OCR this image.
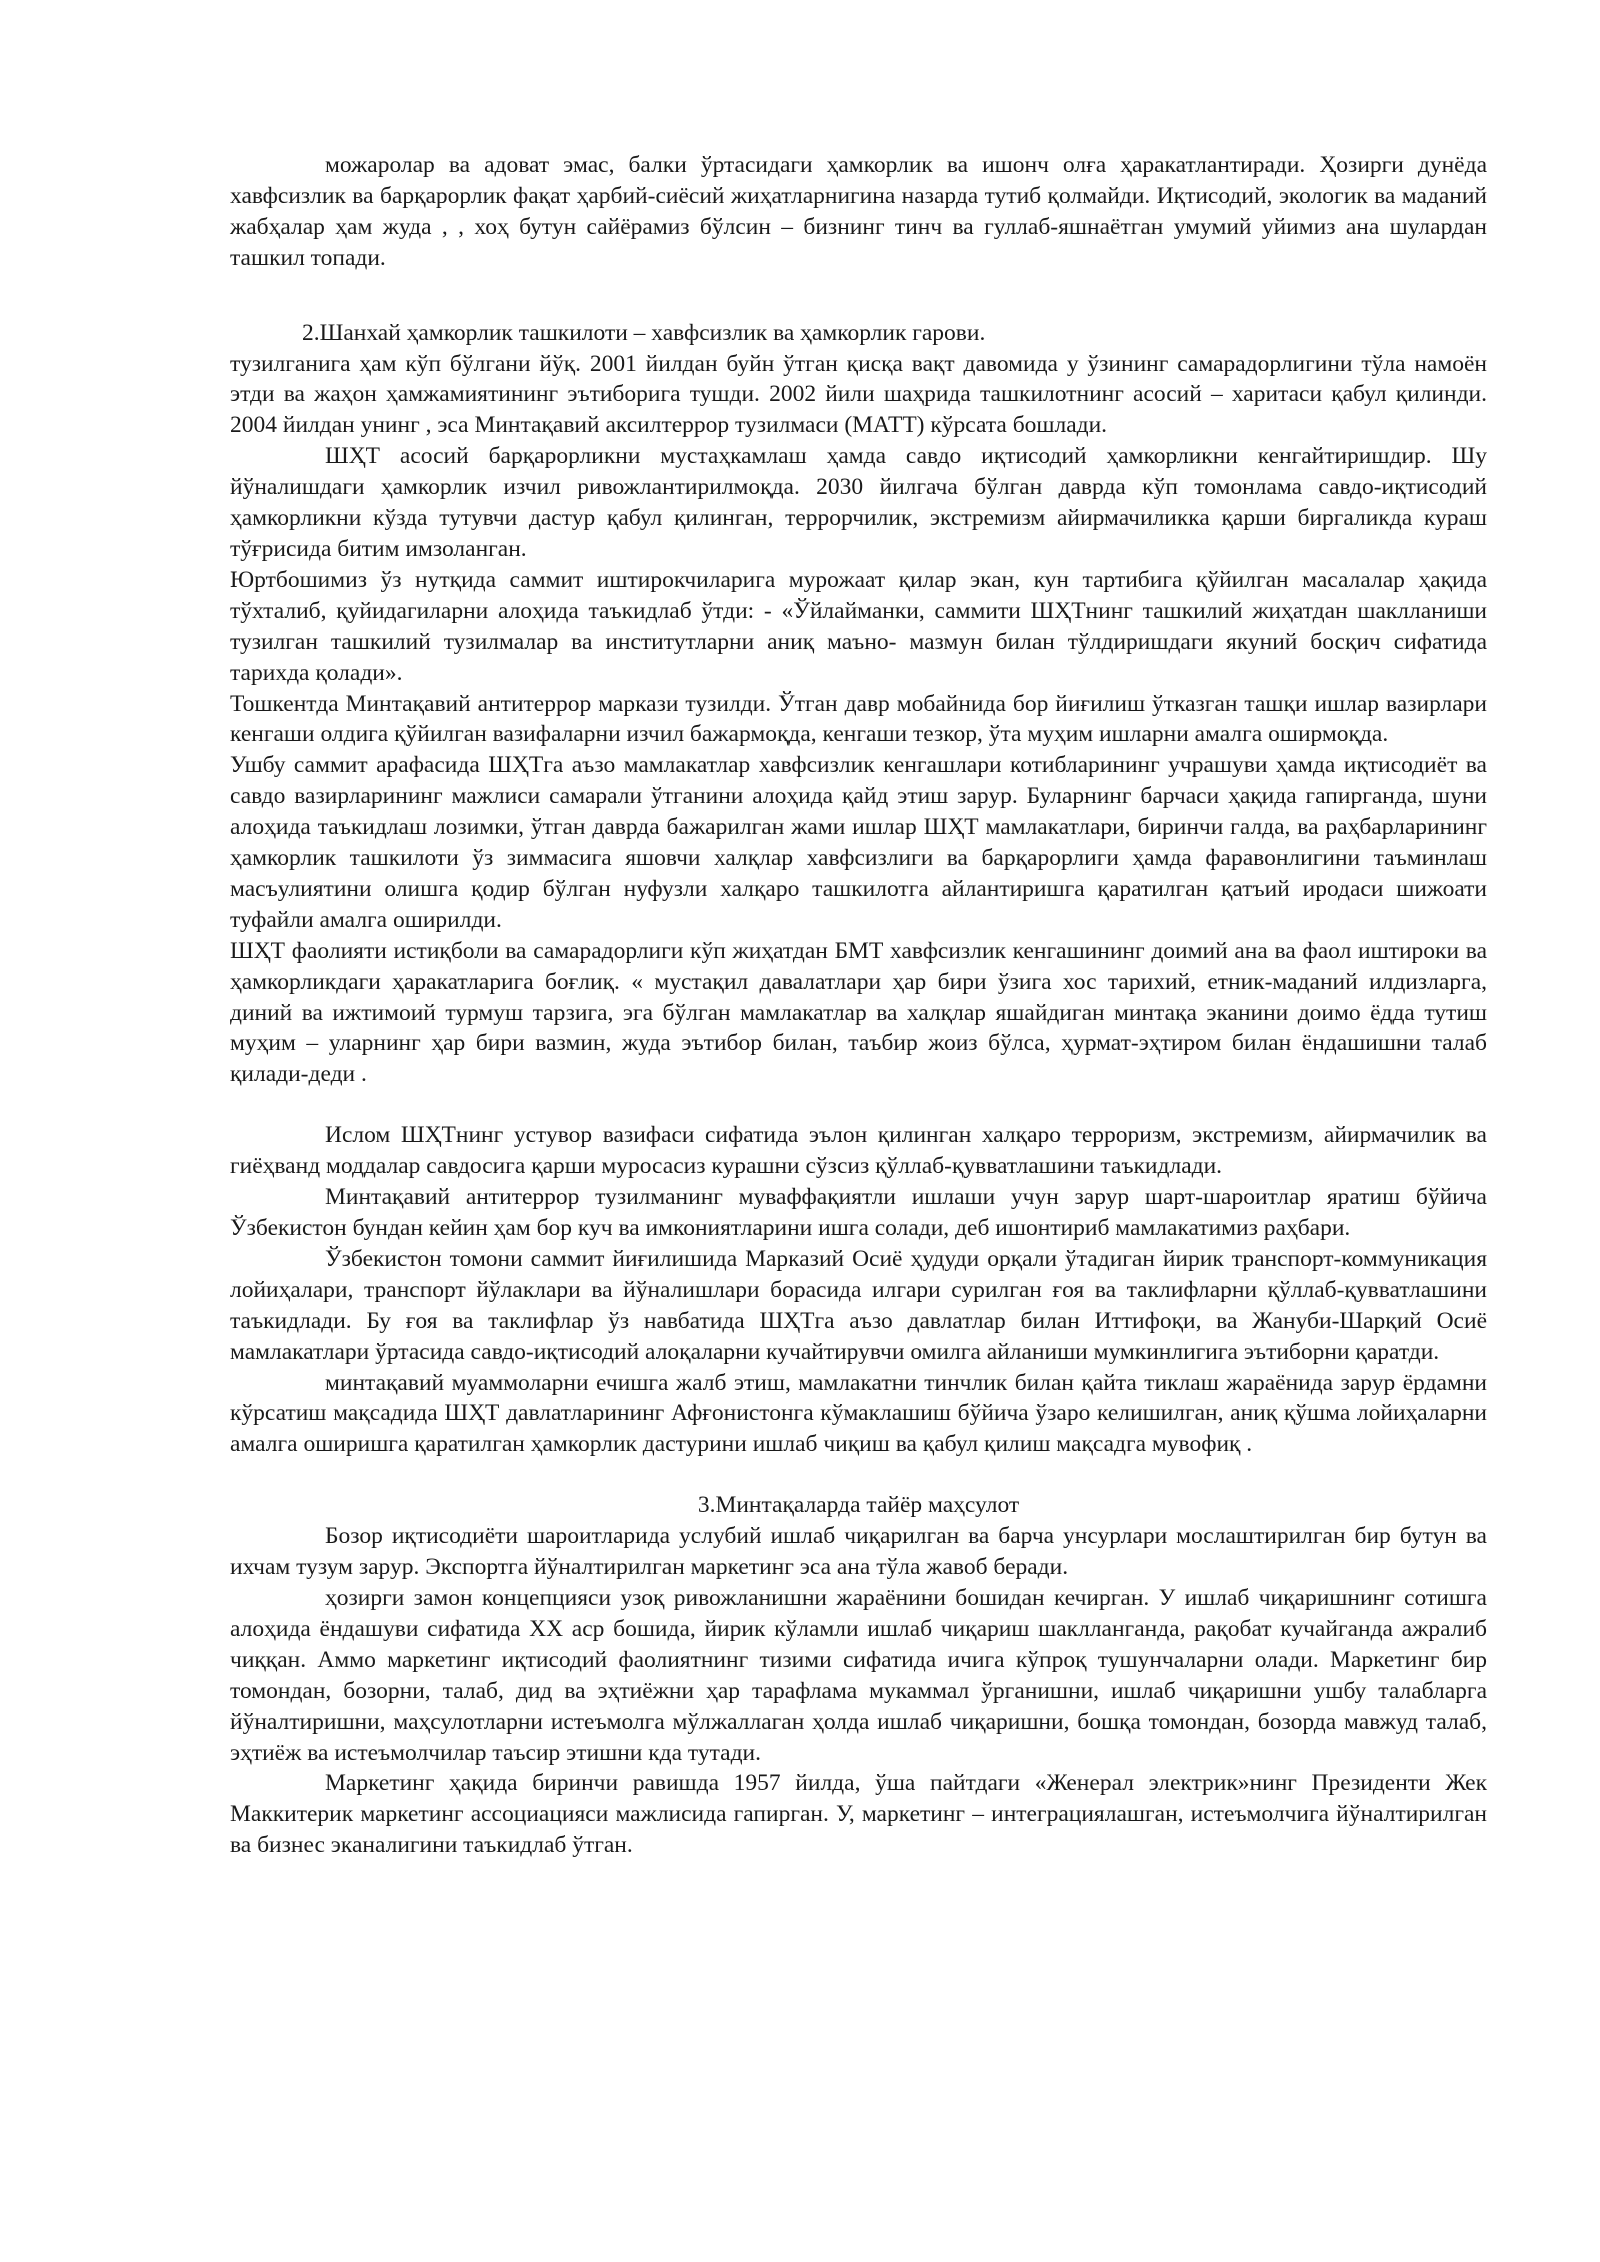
можаролар ва адоват эмас, балки ўртасидаги ҳамкорлик ва ишонч олға ҳаракатлантиради. Ҳозирги дунёда хавфсизлик ва барқарорлик фақат ҳарбий-сиёсий жиҳатларнигина назарда тутиб қолмайди. Иқтисодий, экологик ва маданий жабҳалар ҳам жуда , , хоҳ бутун сайёрамиз бўлсин – бизнинг тинч ва гуллаб-яшнаётган умумий уйимиз ана шулардан ташкил топади.

2.Шанхай ҳамкорлик ташкилоти – хавфсизлик ва ҳамкорлик гарови.

тузилганига ҳам кўп бўлгани йўқ. 2001 йилдан буйн ўтган қисқа вақт давомида у ўзининг самарадорлигини тўла намоён этди ва жаҳон ҳамжамиятининг эътиборига тушди. 2002 йили шаҳрида ташкилотнинг асосий – харитаси қабул қилинди. 2004 йилдан унинг , эса Минтақавий аксилтеррор тузилмаси (МАТТ) кўрсата бошлади.

ШҲТ асосий барқарорликни мустаҳкамлаш ҳамда савдо иқтисодий ҳамкорликни кенгайтиришдир. Шу йўналишдаги ҳамкорлик изчил ривожлантирилмоқда. 2030 йилгача бўлган даврда кўп томонлама савдо-иқтисодий ҳамкорликни кўзда тутувчи дастур қабул қилинган, террорчилик, экстремизм айирмачиликка қарши биргаликда кураш тўғрисида битим имзоланган.

Юртбошимиз ўз нутқида саммит иштирокчиларига мурожаат қилар экан, кун тартибига қўйилган масалалар ҳақида тўхталиб, қуйидагиларни алоҳида таъкидлаб ўтди: - «Ўйлайманки, саммити ШҲТнинг ташкилий жиҳатдан шаклланиши тузилган ташкилий тузилмалар ва институтларни аниқ маъно- мазмун билан тўлдиришдаги якуний босқич сифатида тарихда қолади».

Тошкентда Минтақавий антитеррор маркази тузилди. Ўтган давр мобайнида бор йиғилиш ўтказган ташқи ишлар вазирлари кенгаши олдига қўйилган вазифаларни изчил бажармоқда, кенгаши тезкор, ўта муҳим ишларни амалга оширмоқда.

Ушбу саммит арафасида ШҲТга аъзо мамлакатлар хавфсизлик кенгашлари котибларининг учрашуви ҳамда иқтисодиёт ва савдо вазирларининг мажлиси самарали ўтганини алоҳида қайд этиш зарур. Буларнинг барчаси ҳақида гапирганда, шуни алоҳида таъкидлаш лозимки, ўтган даврда бажарилган жами ишлар ШҲТ мамлакатлари, биринчи галда, ва раҳбарларининг ҳамкорлик ташкилоти ўз зиммасига яшовчи халқлар хавфсизлиги ва барқарорлиги ҳамда фаравонлигини таъминлаш масъулиятини олишга қодир бўлган нуфузли халқаро ташкилотга айлантиришга қаратилган қатъий иродаси шижоати туфайли амалга оширилди.

ШҲТ фаолияти истиқболи ва самарадорлиги кўп жиҳатдан БМТ хавфсизлик кенгашининг доимий ана ва фаол иштироки ва ҳамкорликдаги ҳаракатларига боғлиқ. « мустақил давалатлари ҳар бири ўзига хос тарихий, етник-маданий илдизларга, диний ва ижтимоий турмуш тарзига, эга бўлган мамлакатлар ва халқлар яшайдиган минтақа эканини доимо ёдда тутиш муҳим – уларнинг ҳар бири вазмин, жуда эътибор билан, таъбир жоиз бўлса, ҳурмат-эҳтиром билан ёндашишни талаб қилади-деди .

Ислом ШҲТнинг устувор вазифаси сифатида эълон қилинган халқаро терроризм, экстремизм, айирмачилик ва гиёҳванд моддалар савдосига қарши муросасиз курашни сўзсиз қўллаб-қувватлашини таъкидлади.

Минтақавий антитеррор тузилманинг муваффақиятли ишлаши учун зарур шарт-шароитлар яратиш бўйича Ўзбекистон бундан кейин ҳам бор куч ва имкониятларини ишга солади, деб ишонтириб мамлакатимиз раҳбари.

Ўзбекистон томони саммит йиғилишида Марказий Осиё ҳудуди орқали ўтадиган йирик транспорт-коммуникация лойиҳалари, транспорт йўлаклари ва йўналишлари борасида илгари сурилган ғоя ва таклифларни қўллаб-қувватлашини таъкидлади. Бу ғоя ва таклифлар ўз навбатида ШҲТга аъзо давлатлар билан Иттифоқи, ва Жануби-Шарқий Осиё мамлакатлари ўртасида савдо-иқтисодий алоқаларни кучайтирувчи омилга айланиши мумкинлигига эътиборни қаратди.

минтақавий муаммоларни ечишга жалб этиш, мамлакатни тинчлик билан қайта тиклаш жараёнида зарур ёрдамни кўрсатиш мақсадида ШҲТ давлатларининг Афғонистонга кўмаклашиш бўйича ўзаро келишилган, аниқ қўшма лойиҳаларни амалга оширишга қаратилган ҳамкорлик дастурини ишлаб чиқиш ва қабул қилиш мақсадга мувофиқ .

3.Минтақаларда тайёр маҳсулот

Бозор иқтисодиёти шароитларида услубий ишлаб чиқарилган ва барча унсурлари мослаштирилган бир бутун ва ихчам тузум зарур. Экспортга йўналтирилган маркетинг эса ана тўла жавоб беради.

ҳозирги замон концепцияси узоқ ривожланишни жараёнини бошидан кечирган. У ишлаб чиқаришнинг сотишга алоҳида ёндашуви сифатида XX аср бошида, йирик кўламли ишлаб чиқариш шаклланганда, рақобат кучайганда ажралиб чиққан. Аммо маркетинг иқтисодий фаолиятнинг тизими сифатида ичига кўпроқ тушунчаларни олади. Маркетинг бир томондан, бозорни, талаб, дид ва эҳтиёжни ҳар тарафлама мукаммал ўрганишни, ишлаб чиқаришни ушбу талабларга йўналтиришни, маҳсулотларни истеъмолга мўлжаллаган ҳолда ишлаб чиқаришни, бошқа томондан, бозорда мавжуд талаб, эҳтиёж ва истеъмолчилар таъсир этишни кда тутади.

Маркетинг ҳақида биринчи равишда 1957 йилда, ўша пайтдаги «Женерал электрик»нинг Президенти Жек Маккитерик маркетинг ассоциацияси мажлисида гапирган. У, маркетинг – интеграциялашган, истеъмолчига йўналтирилган ва бизнес эканалигини таъкидлаб ўтган.
